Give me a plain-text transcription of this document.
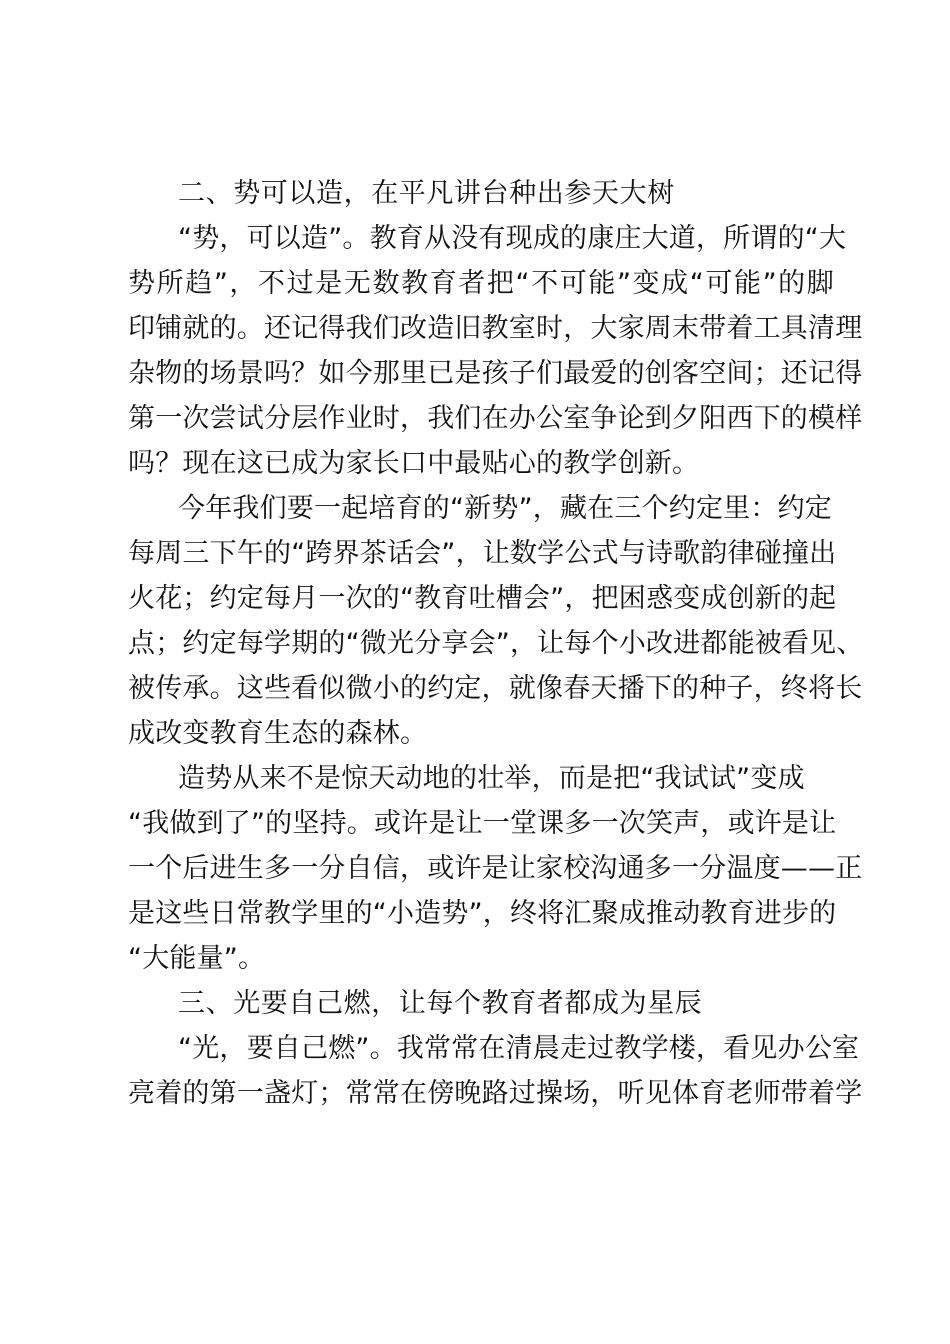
二、势可以造，在平凡讲台种出参天大树
“势，可以造”。教育从没有现成的康庄大道，所谓的“大
势所趋”，不过是无数教育者把“不可能”变成“可能”的脚
印铺就的。还记得我们改造旧教室时，大家周末带着工具清理
杂物的场景吗？如今那里已是孩子们最爱的创客空间；还记得
第一次尝试分层作业时，我们在办公室争论到夕阳西下的模样
吗？现在这已成为家长口中最贴心的教学创新。
今年我们要一起培育的“新势”，藏在三个约定里：约定
每周三下午的“跨界茶话会”，让数学公式与诗歌韵律碰撞出
火花；约定每月一次的“教育吐槽会”，把困惑变成创新的起
点；约定每学期的“微光分享会”，让每个小改进都能被看见、
被传承。这些看似微小的约定，就像春天播下的种子，终将长
成改变教育生态的森林。
造势从来不是惊天动地的壮举，而是把“我试试”变成
“我做到了”的坚持。或许是让一堂课多一次笑声，或许是让
一个后进生多一分自信，或许是让家校沟通多一分温度——正
是这些日常教学里的“小造势”，终将汇聚成推动教育进步的
“大能量”。
三、光要自己燃，让每个教育者都成为星辰
“光，要自己燃”。我常常在清晨走过教学楼，看见办公室
亮着的第一盏灯；常常在傍晚路过操场，听见体育老师带着学
